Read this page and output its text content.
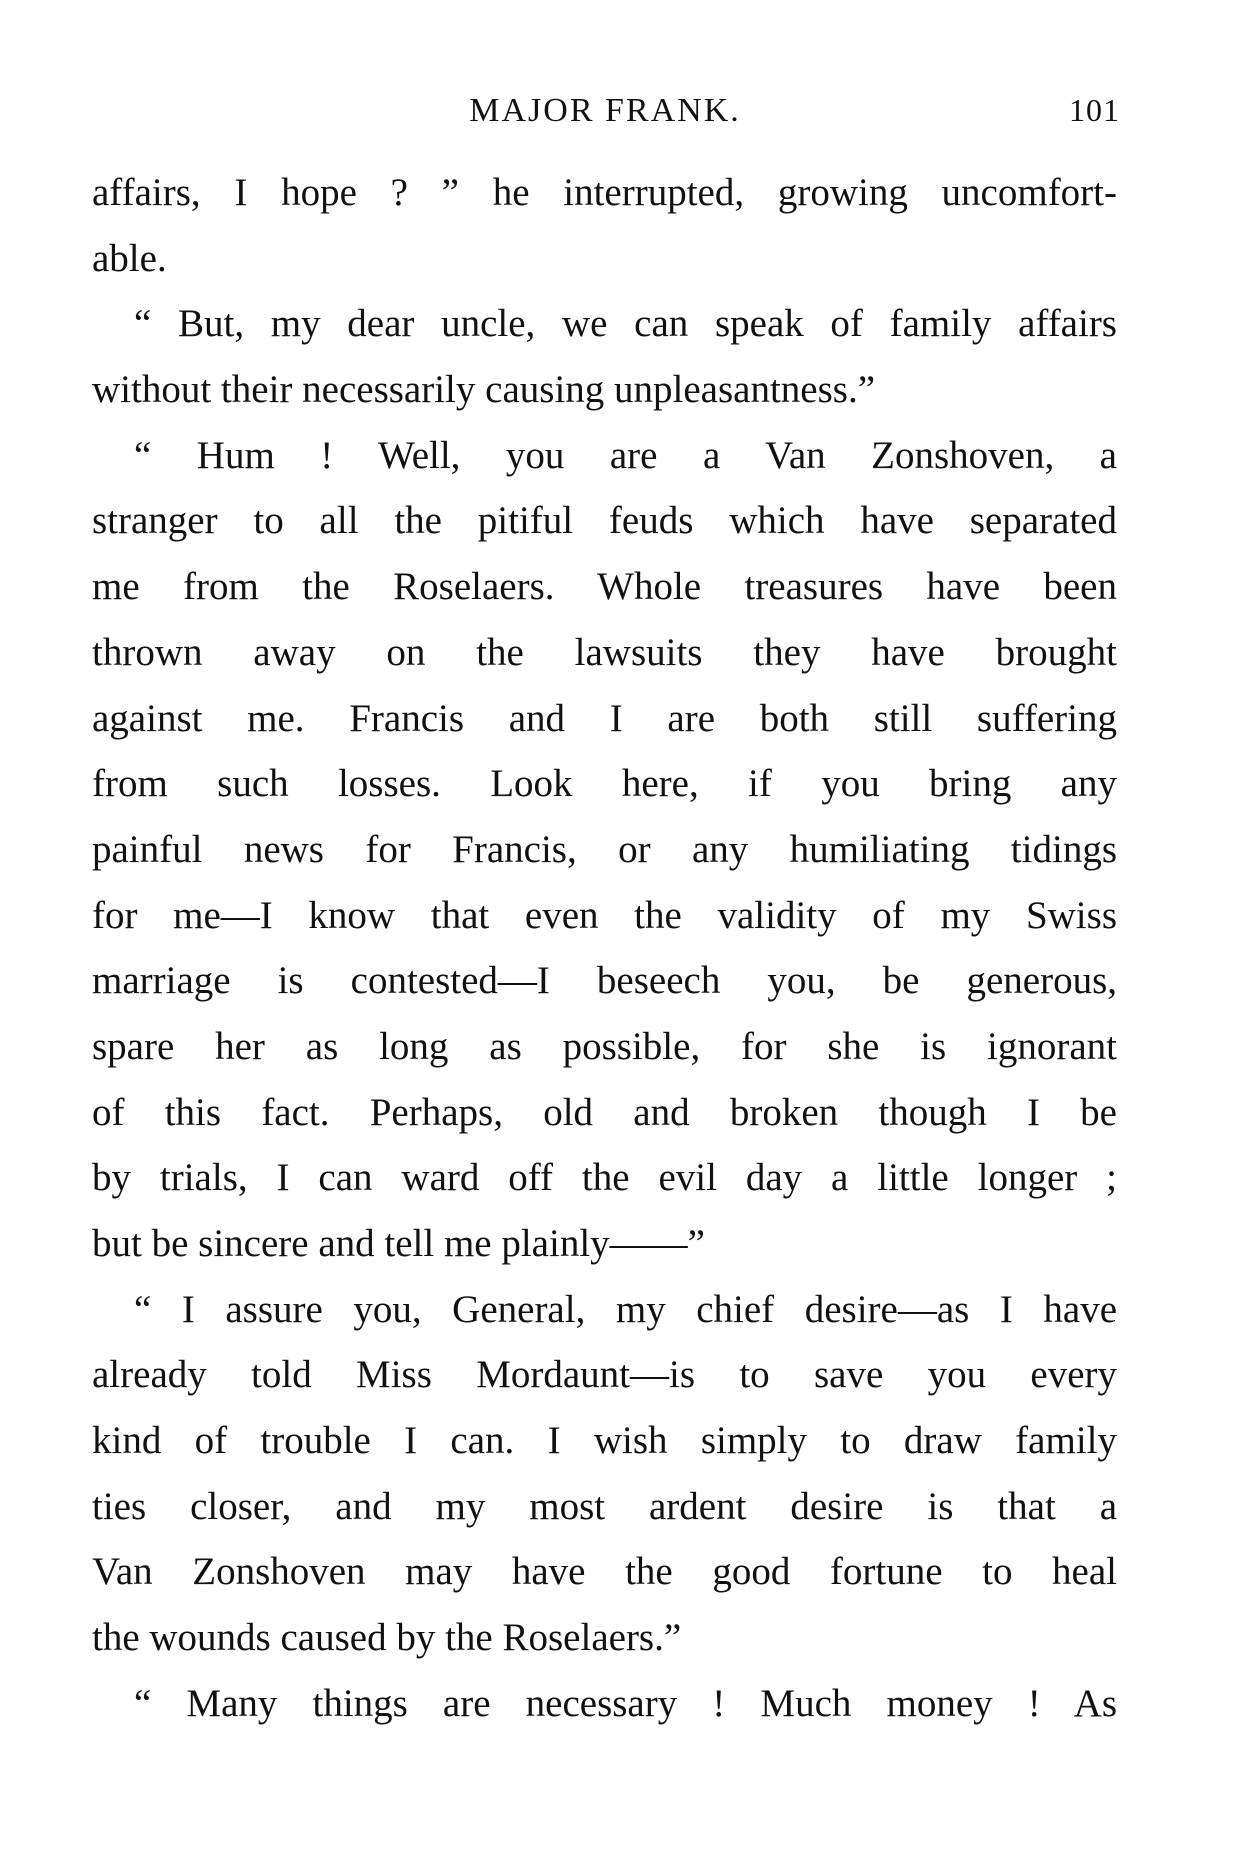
MAJOR FRANK.	101
affairs, I hope ? ” he interrupted, growing uncomfort-
able.
“ But, my dear uncle, we can speak of family affairs
without their necessarily causing unpleasantness.”
“ Hum ! Well, you are a Van Zonshoven, a
stranger to all the pitiful feuds which have separated
me from the Roselaers. Whole treasures have been
thrown away on the lawsuits they have brought
against me. Francis and I are both still suffering
from such losses. Look here, if you bring any
painful news for Francis, or any humiliating tidings
for me—I know that even the validity of my Swiss
marriage is contested—I beseech you, be generous,
spare her as long as possible, for she is ignorant
of this fact. Perhaps, old and broken though I be
by trials, I can ward off the evil day a little longer ;
but be sincere and tell me plainly——”
“ I assure you, General, my chief desire—as I have
already told Miss Mordaunt—is to save you every
kind of trouble I can. I wish simply to draw family
ties closer, and my most ardent desire is that a
Van Zonshoven may have the good fortune to heal
the wounds caused by the Roselaers.”
“ Many things are necessary ! Much money ! As
